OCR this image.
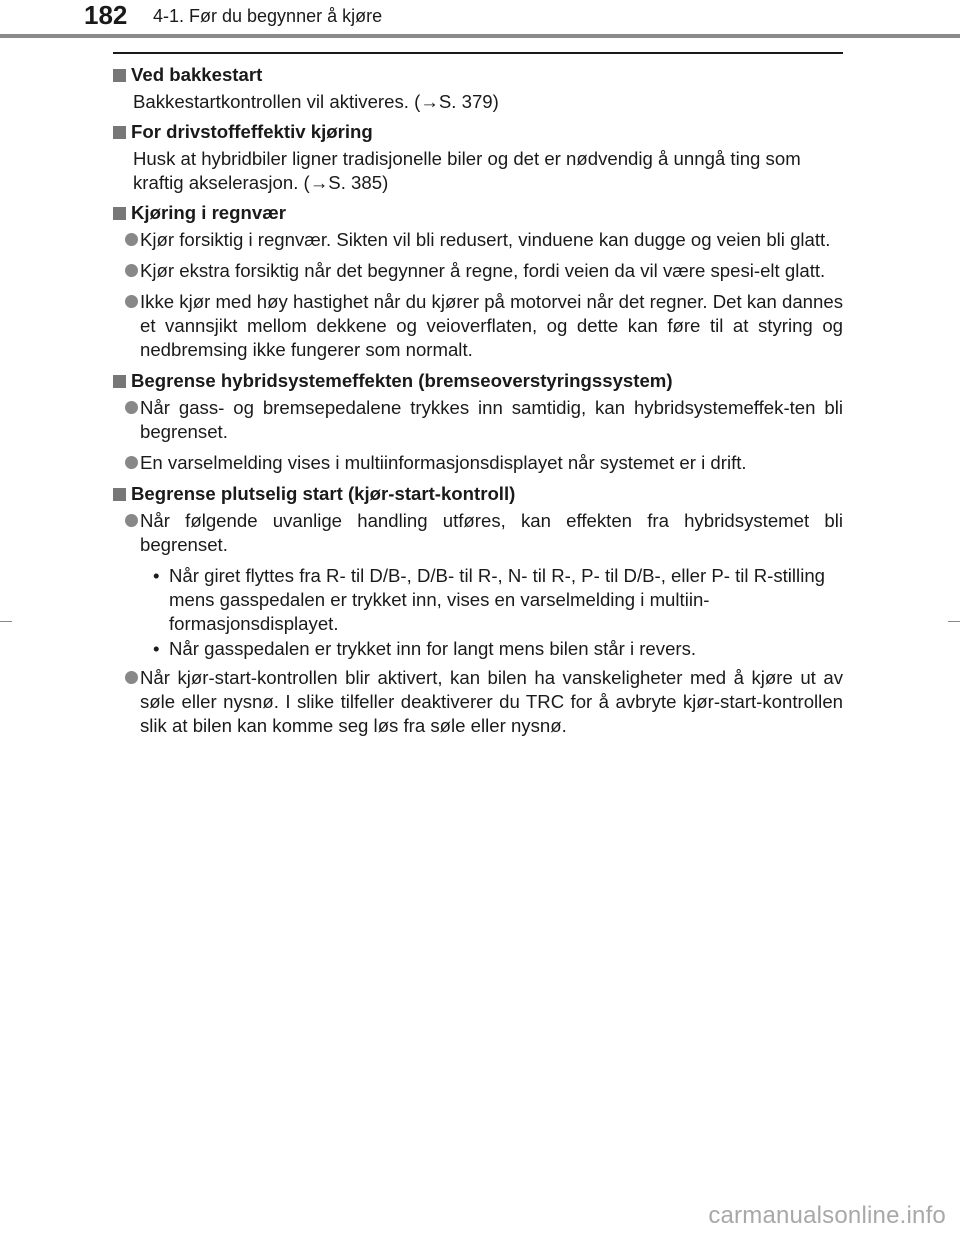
182 4-1. Før du begynner å kjøre
Ved bakkestart
Bakkestartkontrollen vil aktiveres. (→S. 379)
For drivstoffeffektiv kjøring
Husk at hybridbiler ligner tradisjonelle biler og det er nødvendig å unngå ting som kraftig akselerasjon. (→S. 385)
Kjøring i regnvær
Kjør forsiktig i regnvær. Sikten vil bli redusert, vinduene kan dugge og veien bli glatt.
Kjør ekstra forsiktig når det begynner å regne, fordi veien da vil være spesi-elt glatt.
Ikke kjør med høy hastighet når du kjører på motorvei når det regner. Det kan dannes et vannsjikt mellom dekkene og veioverflaten, og dette kan føre til at styring og nedbremsing ikke fungerer som normalt.
Begrense hybridsystemeffekten (bremseoverstyringssystem)
Når gass- og bremsepedalene trykkes inn samtidig, kan hybridsystemeffek-ten bli begrenset.
En varselmelding vises i multiinformasjonsdisplayet når systemet er i drift.
Begrense plutselig start (kjør-start-kontroll)
Når følgende uvanlige handling utføres, kan effekten fra hybridsystemet bli begrenset.
• Når giret flyttes fra R- til D/B-, D/B- til R-, N- til R-, P- til D/B-, eller P- til R-stilling mens gasspedalen er trykket inn, vises en varselmelding i multiin-formasjonsdisplayet.
• Når gasspedalen er trykket inn for langt mens bilen står i revers.
Når kjør-start-kontrollen blir aktivert, kan bilen ha vanskeligheter med å kjøre ut av søle eller nysnø. I slike tilfeller deaktiverer du TRC for å avbryte kjør-start-kontrollen slik at bilen kan komme seg løs fra søle eller nysnø.
carmanualsonline.info
